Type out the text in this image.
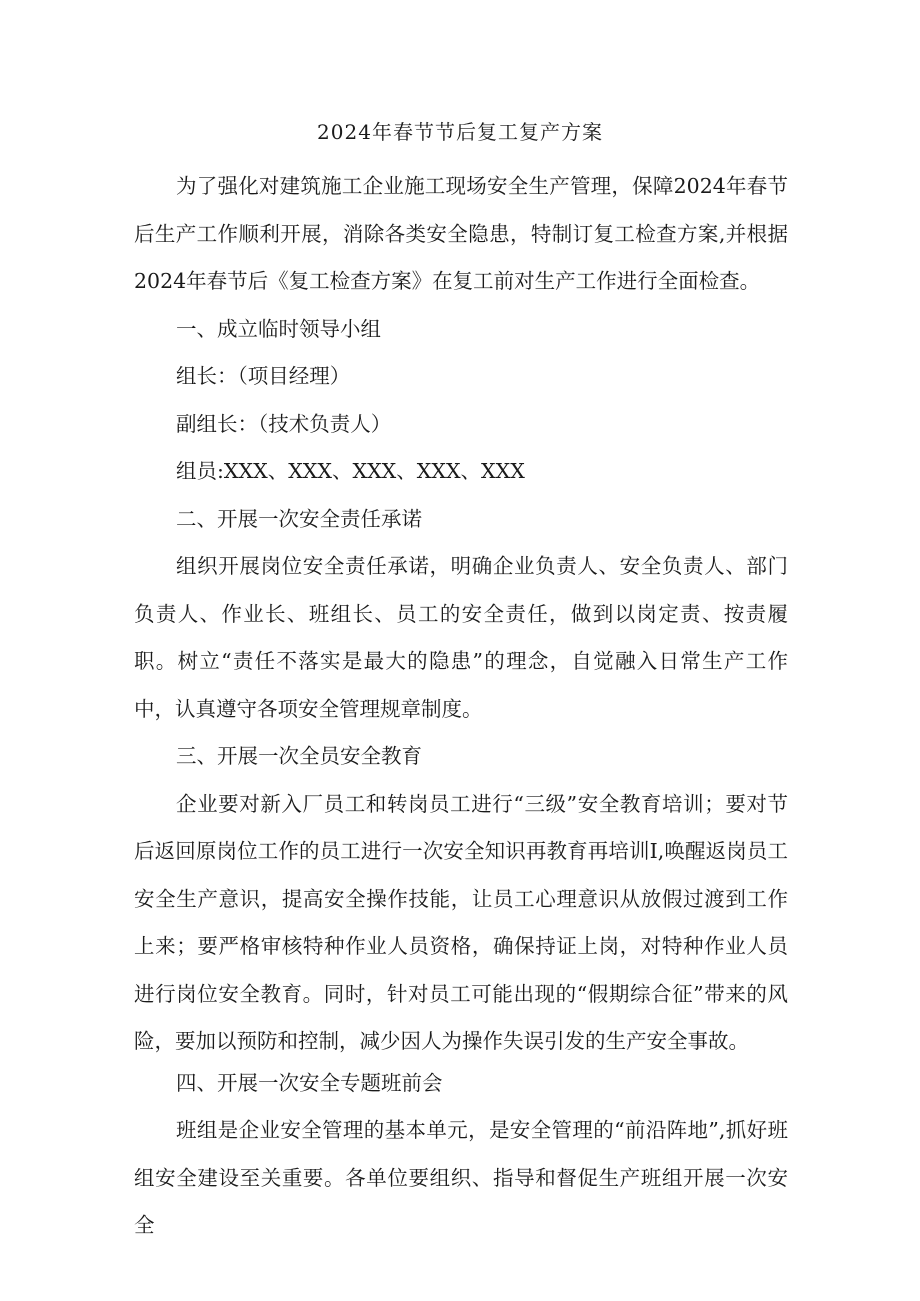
2024年春节节后复工复产方案

为了强化对建筑施工企业施工现场安全生产管理，保障2024年春节后生产工作顺利开展，消除各类安全隐患，特制订复工检查方案,并根据2024年春节后《复工检查方案》在复工前对生产工作进行全面检查。

一、成立临时领导小组

组长：（项目经理）

副组长：（技术负责人）

组员:XXX、XXX、XXX、XXX、XXX

二、开展一次安全责任承诺

组织开展岗位安全责任承诺，明确企业负责人、安全负责人、部门负责人、作业长、班组长、员工的安全责任，做到以岗定责、按责履职。树立“责任不落实是最大的隐患”的理念，自觉融入日常生产工作中，认真遵守各项安全管理规章制度。

三、开展一次全员安全教育

企业要对新入厂员工和转岗员工进行“三级”安全教育培训；要对节后返回原岗位工作的员工进行一次安全知识再教育再培训I,唤醒返岗员工安全生产意识，提高安全操作技能，让员工心理意识从放假过渡到工作上来；要严格审核特种作业人员资格，确保持证上岗，对特种作业人员进行岗位安全教育。同时，针对员工可能出现的“假期综合征”带来的风险，要加以预防和控制，减少因人为操作失误引发的生产安全事故。

四、开展一次安全专题班前会

班组是企业安全管理的基本单元，是安全管理的“前沿阵地”,抓好班组安全建设至关重要。各单位要组织、指导和督促生产班组开展一次安全
